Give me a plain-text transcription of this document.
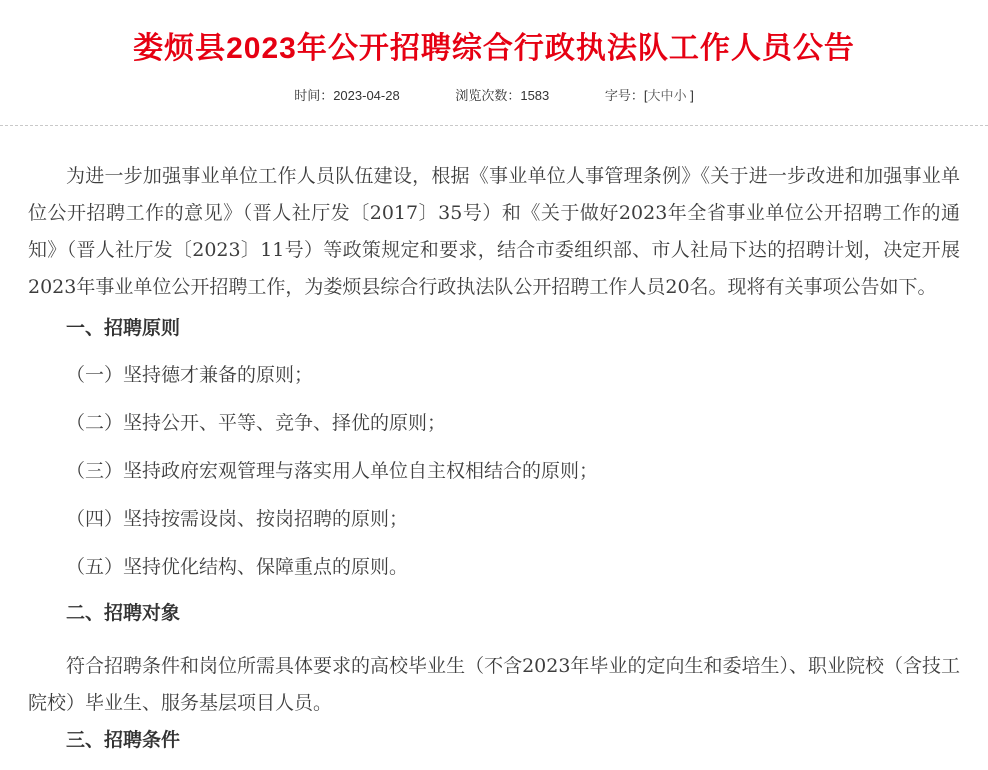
娄烦县2023年公开招聘综合行政执法队工作人员公告
时间：2023-04-28	浏览次数：1583	字号：[大中小 ]

为进一步加强事业单位工作人员队伍建设，根据《事业单位人事管理条例》《关于进一步改进和加强事业单位公开招聘工作的意见》（晋人社厅发〔2017〕35号）和《关于做好2023年全省事业单位公开招聘工作的通知》（晋人社厅发〔2023〕11号）等政策规定和要求，结合市委组织部、市人社局下达的招聘计划，决定开展2023年事业单位公开招聘工作，为娄烦县综合行政执法队公开招聘工作人员20名。现将有关事项公告如下。

一、招聘原则

（一）坚持德才兼备的原则；

（二）坚持公开、平等、竞争、择优的原则；

（三）坚持政府宏观管理与落实用人单位自主权相结合的原则；

（四）坚持按需设岗、按岗招聘的原则；

（五）坚持优化结构、保障重点的原则。

二、招聘对象

符合招聘条件和岗位所需具体要求的高校毕业生（不含2023年毕业的定向生和委培生）、职业院校（含技工院校）毕业生、服务基层项目人员。

三、招聘条件
